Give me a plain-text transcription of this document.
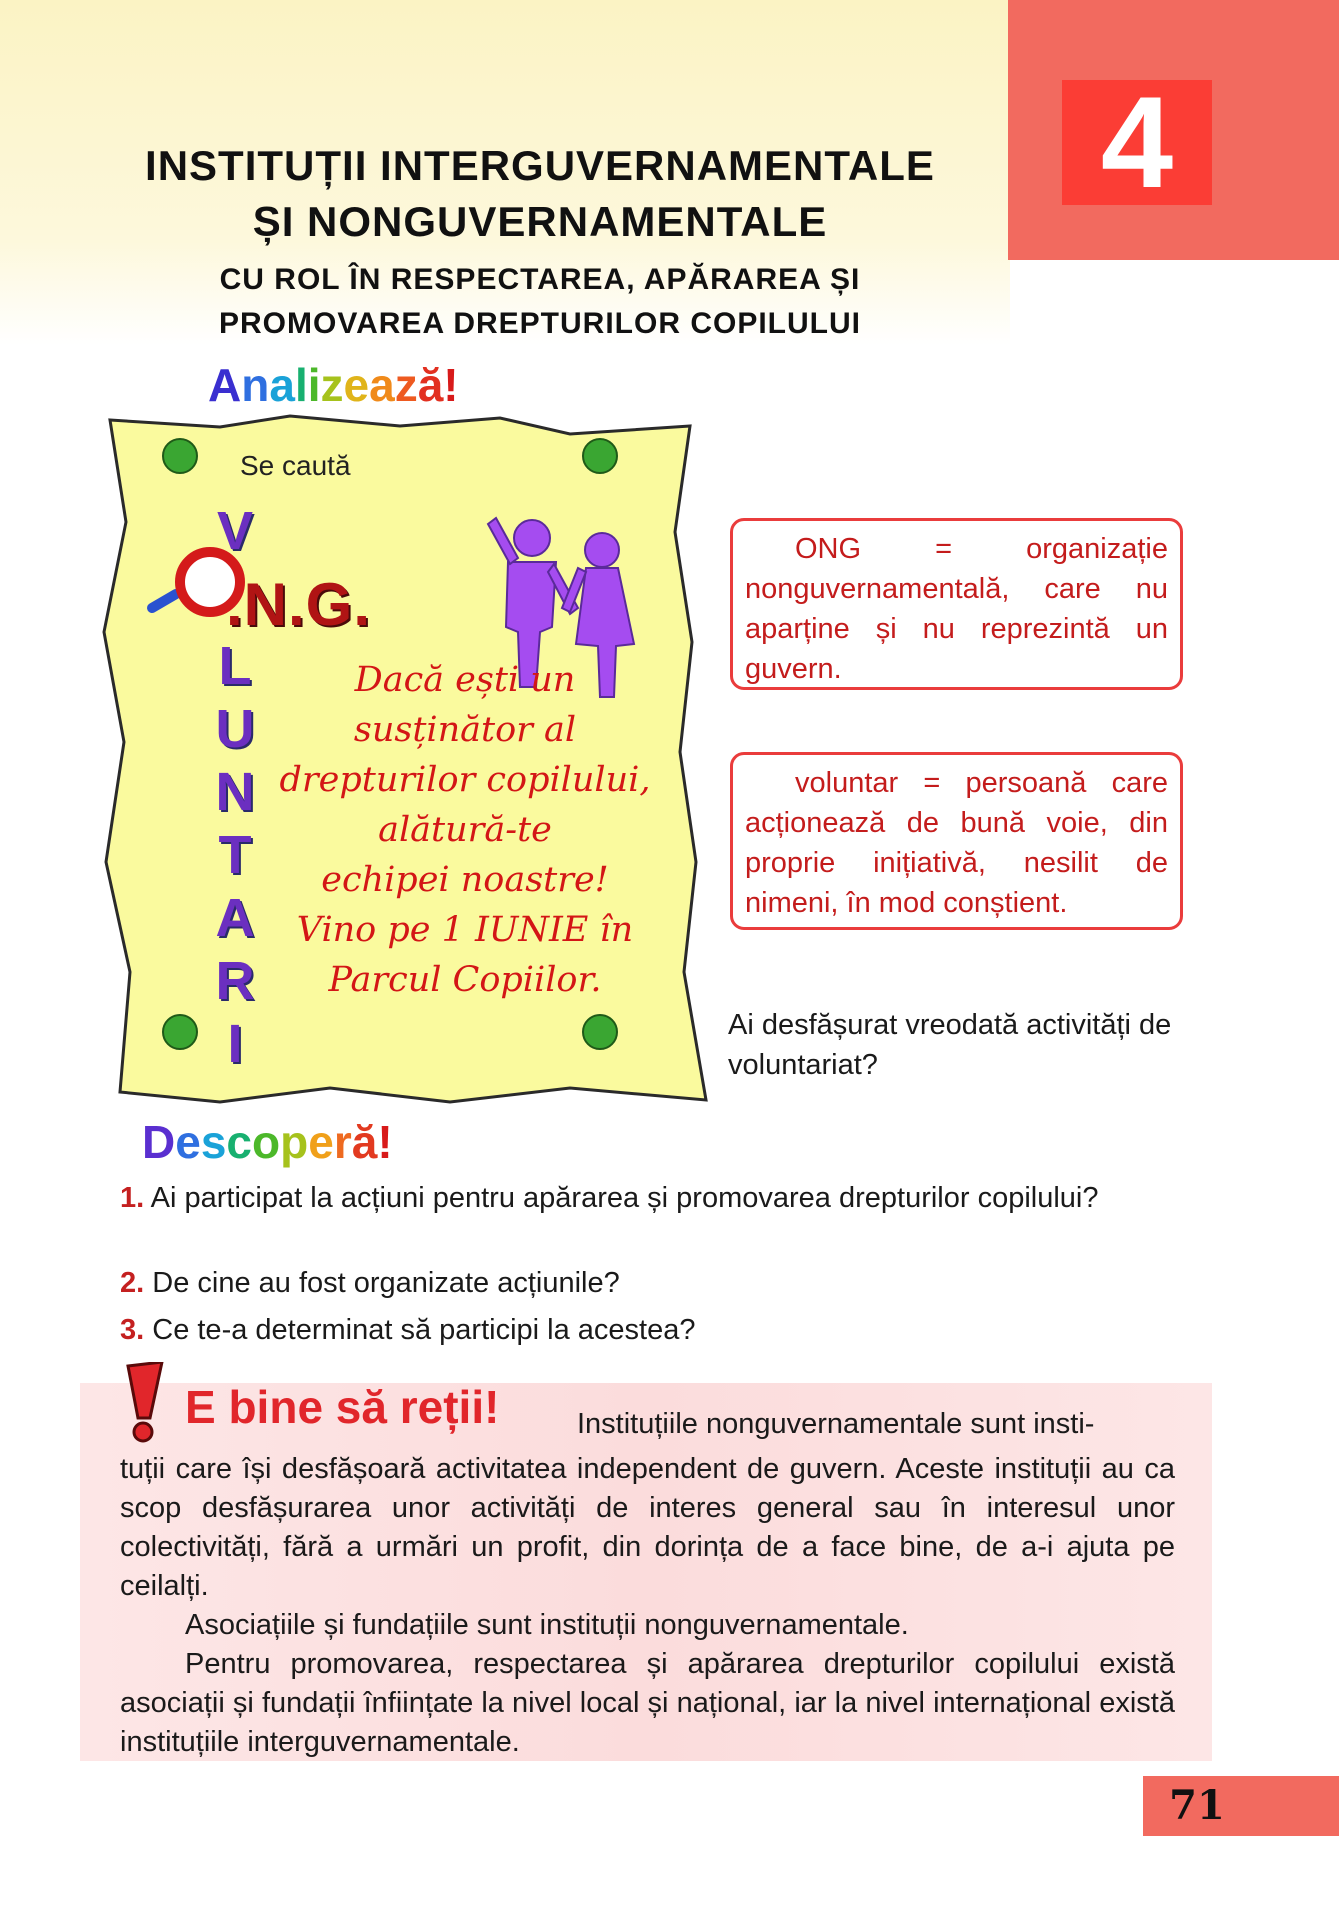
4
INSTITUȚII INTERGUVERNAMENTALE
ȘI NONGUVERNAMENTALE
CU ROL ÎN RESPECTAREA, APĂRAREA ȘI
PROMOVAREA DREPTURILOR COPILULUI
Analizează!
Se caută
V
.N.G.
L
U
N
T
A
R
I
Dacă ești un
susținător al
drepturilor copilului,
alătură-te
echipei noastre!
Vino pe 1 IUNIE în
Parcul Copiilor.

ONG = organizație nonguvernamentală, care nu aparține și nu reprezintă un guvern.

voluntar = persoană care acționează de bună voie, din proprie inițiativă, nesilit de nimeni, în mod conștient.

Ai desfășurat vreodată activități de voluntariat?
Descoperă!
1. Ai participat la acțiuni pentru apărarea și promovarea drepturilor copilului?
2. De cine au fost organizate acțiunile?
3. Ce te-a determinat să participi la acestea?
E bine să reții!	Instituțiile nonguvernamentale sunt insti-

tuții care își desfășoară activitatea independent de guvern. Aceste instituții au ca scop desfășurarea unor activități de interes general sau în interesul unor colectivități, fără a urmări un profit, din dorința de a face bine, de a-i ajuta pe ceilalți.

Asociațiile și fundațiile sunt instituții nonguvernamentale.

Pentru promovarea, respectarea și apărarea drepturilor copilului există asociații și fundații înființate la nivel local și național, iar la nivel internațional există instituțiile interguvernamentale.

71
